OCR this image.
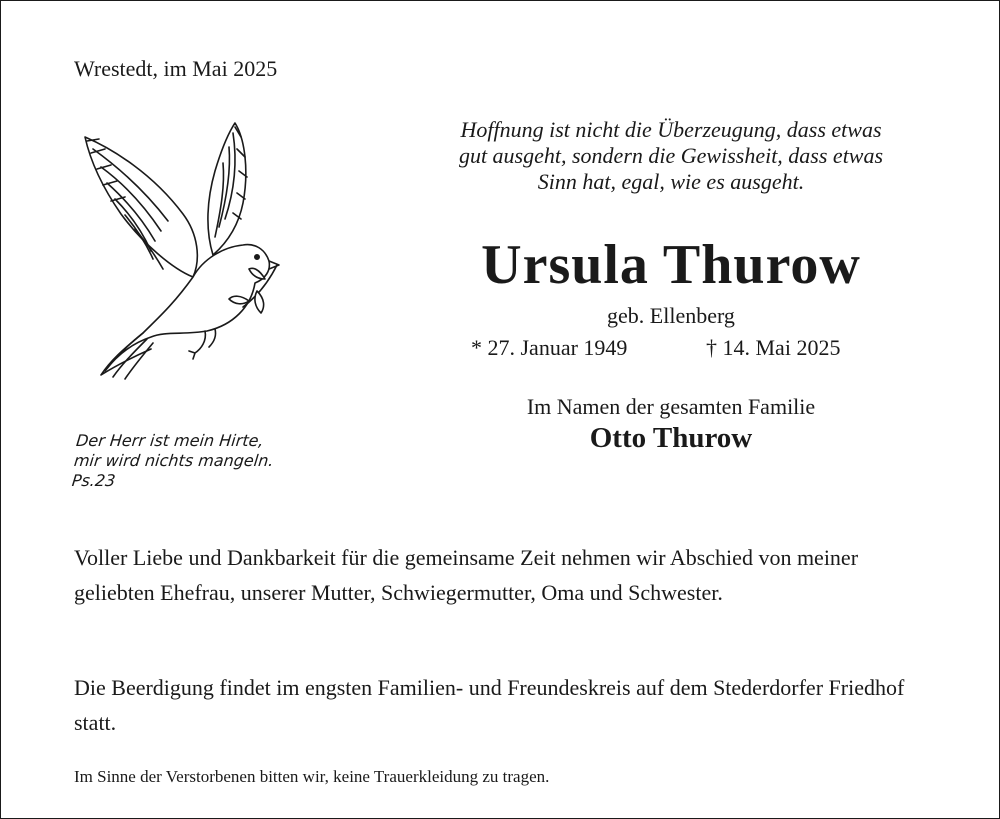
Wrestedt, im Mai 2025
Hoffnung ist nicht die Überzeugung, dass etwas
gut ausgeht, sondern die Gewissheit, dass etwas
Sinn hat, egal, wie es ausgeht.
Ursula Thurow
geb. Ellenberg
* 27. Januar 1949	† 14. Mai 2025
Im Namen der gesamten Familie
Otto Thurow
Der Herr ist mein Hirte,
mir wird nichts mangeln.
Ps.23
Voller Liebe und Dankbarkeit für die gemeinsame Zeit nehmen wir Abschied von meiner geliebten Ehefrau, unserer Mutter, Schwiegermutter, Oma und Schwester.
Die Beerdigung findet im engsten Familien- und Freundeskreis auf dem Stederdorfer Friedhof statt.
Im Sinne der Verstorbenen bitten wir, keine Trauerkleidung zu tragen.
